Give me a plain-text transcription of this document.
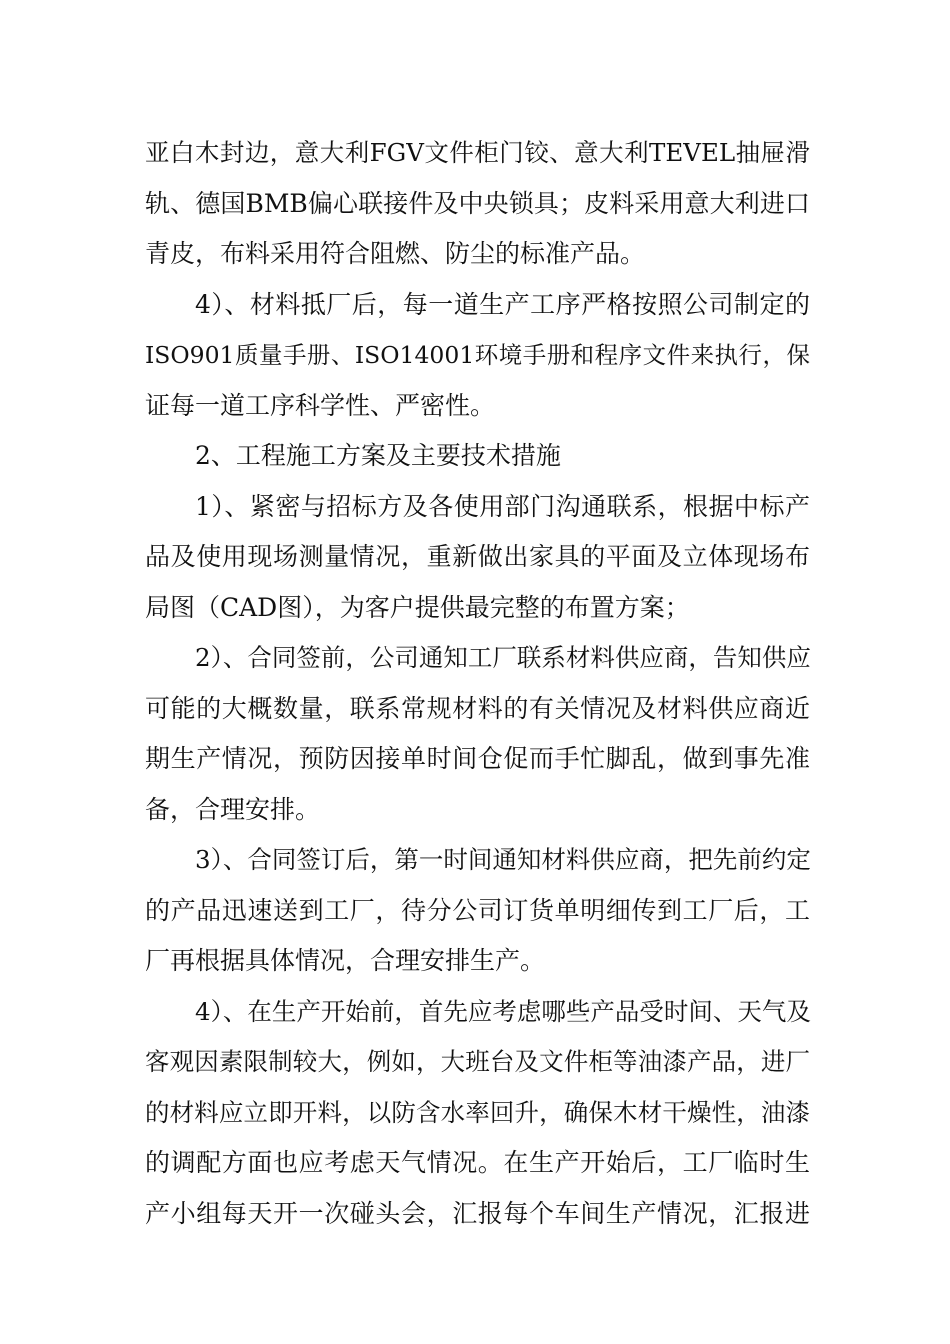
亚白木封边，意大利FGV文件柜门铰、意大利TEVEL抽屉滑
轨、德国BMB偏心联接件及中央锁具；皮料采用意大利进口
青皮，布料采用符合阻燃、防尘的标准产品。
4）、材料抵厂后，每一道生产工序严格按照公司制定的
ISO901质量手册、ISO14001环境手册和程序文件来执行，保
证每一道工序科学性、严密性。
2、工程施工方案及主要技术措施
1）、紧密与招标方及各使用部门沟通联系，根据中标产
品及使用现场测量情况，重新做出家具的平面及立体现场布
局图（CAD图），为客户提供最完整的布置方案；
2）、合同签前，公司通知工厂联系材料供应商，告知供应
可能的大概数量，联系常规材料的有关情况及材料供应商近
期生产情况，预防因接单时间仓促而手忙脚乱，做到事先准
备，合理安排。
3）、合同签订后，第一时间通知材料供应商，把先前约定
的产品迅速送到工厂，待分公司订货单明细传到工厂后，工
厂再根据具体情况，合理安排生产。
4）、在生产开始前，首先应考虑哪些产品受时间、天气及
客观因素限制较大，例如，大班台及文件柜等油漆产品，进厂
的材料应立即开料，以防含水率回升，确保木材干燥性，油漆
的调配方面也应考虑天气情况。在生产开始后，工厂临时生
产小组每天开一次碰头会，汇报每个车间生产情况，汇报进
